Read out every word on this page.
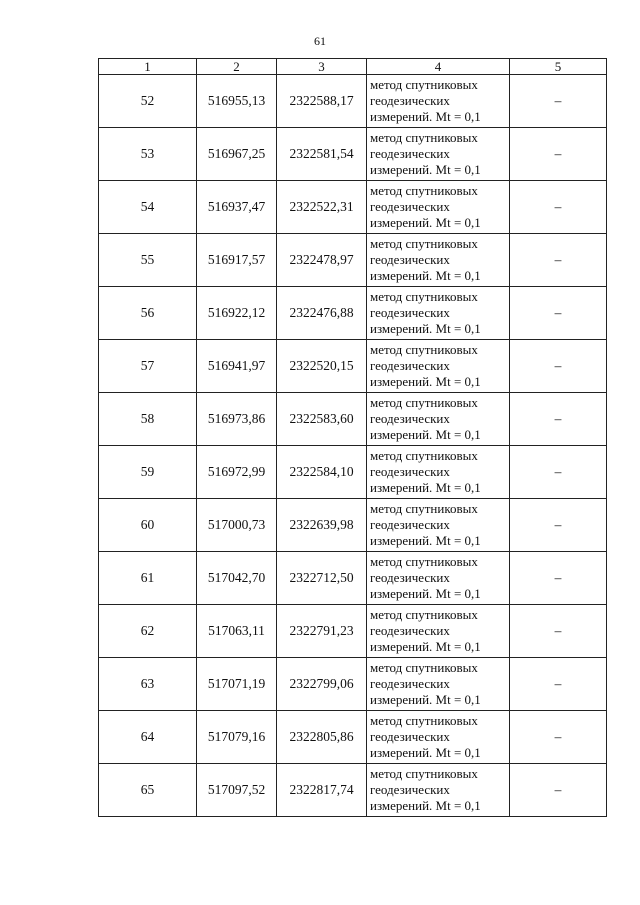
61
1	2	3	4	5
52	516955,13	2322588,17	метод спутниковых
геодезических
измерений. Mt = 0,1	–
53	516967,25	2322581,54	метод спутниковых
геодезических
измерений. Mt = 0,1	–
54	516937,47	2322522,31	метод спутниковых
геодезических
измерений. Mt = 0,1	–
55	516917,57	2322478,97	метод спутниковых
геодезических
измерений. Mt = 0,1	–
56	516922,12	2322476,88	метод спутниковых
геодезических
измерений. Mt = 0,1	–
57	516941,97	2322520,15	метод спутниковых
геодезических
измерений. Mt = 0,1	–
58	516973,86	2322583,60	метод спутниковых
геодезических
измерений. Mt = 0,1	–
59	516972,99	2322584,10	метод спутниковых
геодезических
измерений. Mt = 0,1	–
60	517000,73	2322639,98	метод спутниковых
геодезических
измерений. Mt = 0,1	–
61	517042,70	2322712,50	метод спутниковых
геодезических
измерений. Mt = 0,1	–
62	517063,11	2322791,23	метод спутниковых
геодезических
измерений. Mt = 0,1	–
63	517071,19	2322799,06	метод спутниковых
геодезических
измерений. Mt = 0,1	–
64	517079,16	2322805,86	метод спутниковых
геодезических
измерений. Mt = 0,1	–
65	517097,52	2322817,74	метод спутниковых
геодезических
измерений. Mt = 0,1	–
